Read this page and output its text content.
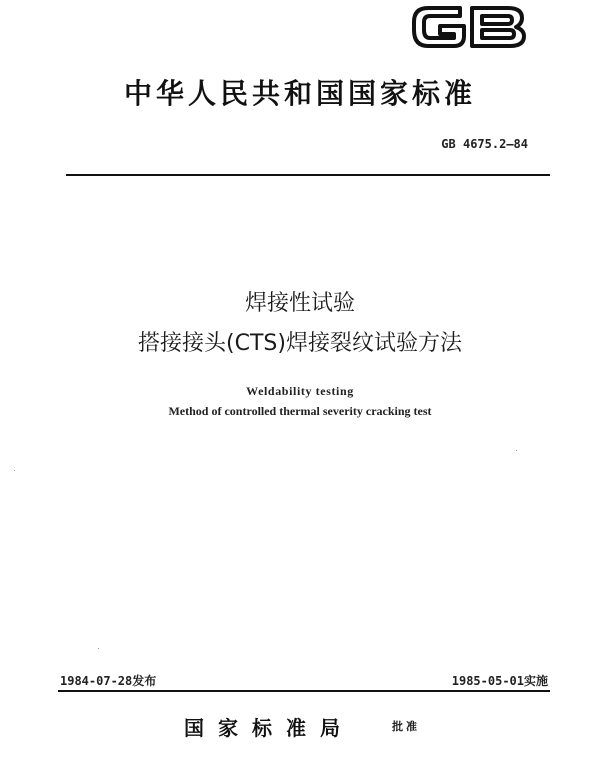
中华人民共和国国家标准
GB 4675.2—84
焊接性试验
搭接接头(CTS)焊接裂纹试验方法
Weldability testing
Method of controlled thermal severity cracking test
1984-07-28发布	1985-05-01实施
国家标准局	批准
